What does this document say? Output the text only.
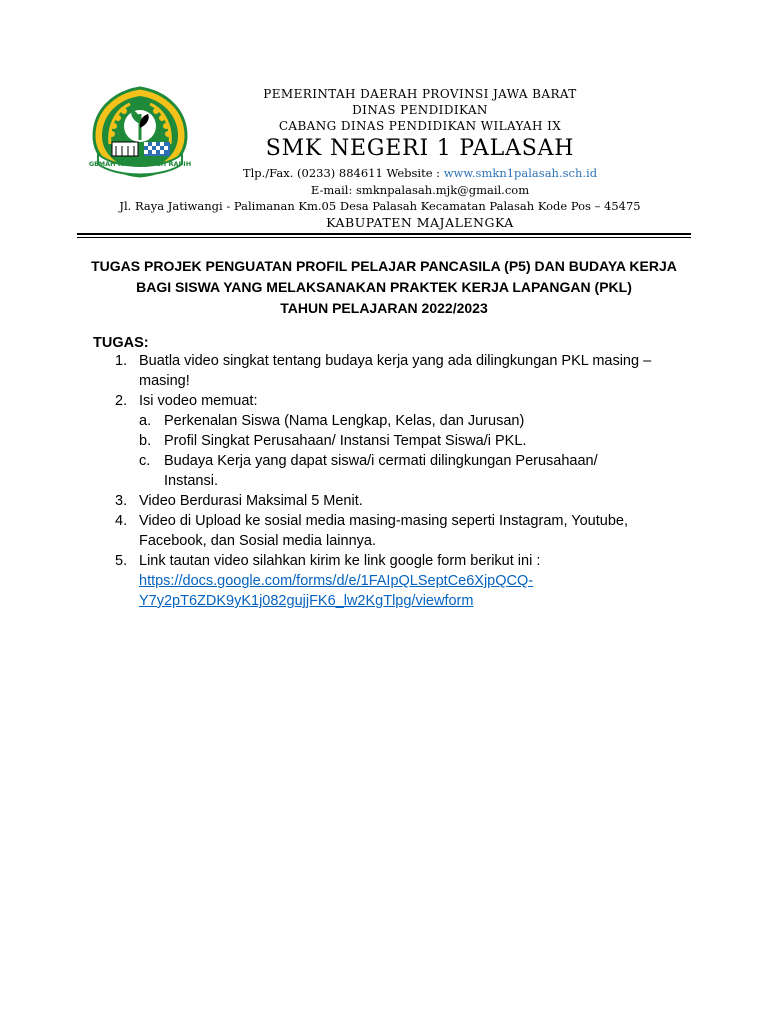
GEMAH RIPAH REPEH RAPIH
PEMERINTAH DAERAH PROVINSI JAWA BARAT
DINAS PENDIDIKAN
CABANG DINAS PENDIDIKAN WILAYAH IX
SMK NEGERI 1 PALASAH
Tlp./Fax. (0233) 884611 Website : www.smkn1palasah.sch.id
E-mail: smknpalasah.mjk@gmail.com
Jl. Raya Jatiwangi - Palimanan Km.05 Desa Palasah Kecamatan Palasah Kode Pos – 45475
KABUPATEN MAJALENGKA
TUGAS PROJEK PENGUATAN PROFIL PELAJAR PANCASILA (P5) DAN BUDAYA KERJA
BAGI SISWA YANG MELAKSANAKAN PRAKTEK KERJA LAPANGAN (PKL)
TAHUN PELAJARAN 2022/2023
TUGAS:
1. Buatla video singkat tentang budaya kerja yang ada dilingkungan PKL masing –
masing!
2. Isi vodeo memuat:
a. Perkenalan Siswa (Nama Lengkap, Kelas, dan Jurusan)
b. Profil Singkat Perusahaan/ Instansi Tempat Siswa/i PKL.
c. Budaya Kerja yang dapat siswa/i cermati dilingkungan Perusahaan/
Instansi.
3. Video Berdurasi Maksimal 5 Menit.
4. Video di Upload ke sosial media masing-masing seperti Instagram, Youtube,
Facebook, dan Sosial media lainnya.
5. Link tautan video silahkan kirim ke link google form berikut ini :
https://docs.google.com/forms/d/e/1FAIpQLSeptCe6XjpQCQ-
Y7y2pT6ZDK9yK1j082gujjFK6_lw2KgTlpg/viewform
